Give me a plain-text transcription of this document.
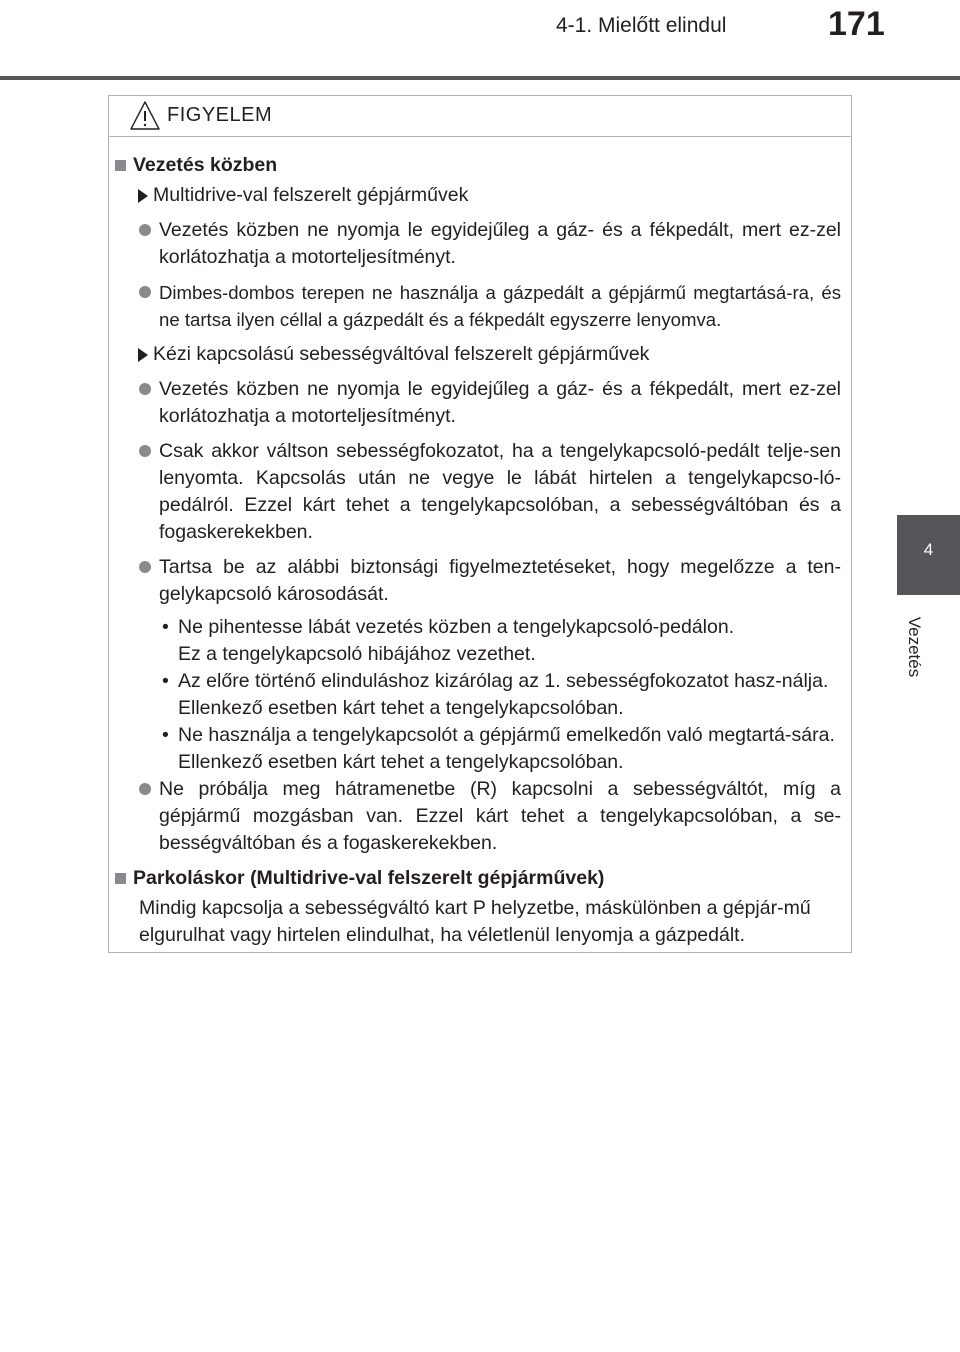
4-1. Mielőtt elindul	171
4
Vezetés
FIGYELEM
Vezetés közben
Multidrive-val felszerelt gépjárművek
Vezetés közben ne nyomja le egyidejűleg a gáz- és a fékpedált, mert ez-zel korlátozhatja a motorteljesítményt.
Dimbes-dombos terepen ne használja a gázpedált a gépjármű megtartásá-ra, és ne tartsa ilyen céllal a gázpedált és a fékpedált egyszerre lenyomva.
Kézi kapcsolású sebességváltóval felszerelt gépjárművek
Vezetés közben ne nyomja le egyidejűleg a gáz- és a fékpedált, mert ez-zel korlátozhatja a motorteljesítményt.
Csak akkor váltson sebességfokozatot, ha a tengelykapcsoló-pedált telje-sen lenyomta. Kapcsolás után ne vegye le lábát hirtelen a tengelykapcso-ló-pedálról. Ezzel kárt tehet a tengelykapcsolóban, a sebességváltóban és a fogaskerekekben.
Tartsa be az alábbi biztonsági figyelmeztetéseket, hogy megelőzze a ten-gelykapcsoló károsodását.
• Ne pihentesse lábát vezetés közben a tengelykapcsoló-pedálon.
Ez a tengelykapcsoló hibájához vezethet.
• Az előre történő elinduláshoz kizárólag az 1. sebességfokozatot hasz-nálja.
Ellenkező esetben kárt tehet a tengelykapcsolóban.
• Ne használja a tengelykapcsolót a gépjármű emelkedőn való megtartá-sára.
Ellenkező esetben kárt tehet a tengelykapcsolóban.
Ne próbálja meg hátramenetbe (R) kapcsolni a sebességváltót, míg a gépjármű mozgásban van. Ezzel kárt tehet a tengelykapcsolóban, a se-bességváltóban és a fogaskerekekben.
Parkoláskor (Multidrive-val felszerelt gépjárművek)
Mindig kapcsolja a sebességváltó kart P helyzetbe, máskülönben a gépjár-mű elgurulhat vagy hirtelen elindulhat, ha véletlenül lenyomja a gázpedált.
